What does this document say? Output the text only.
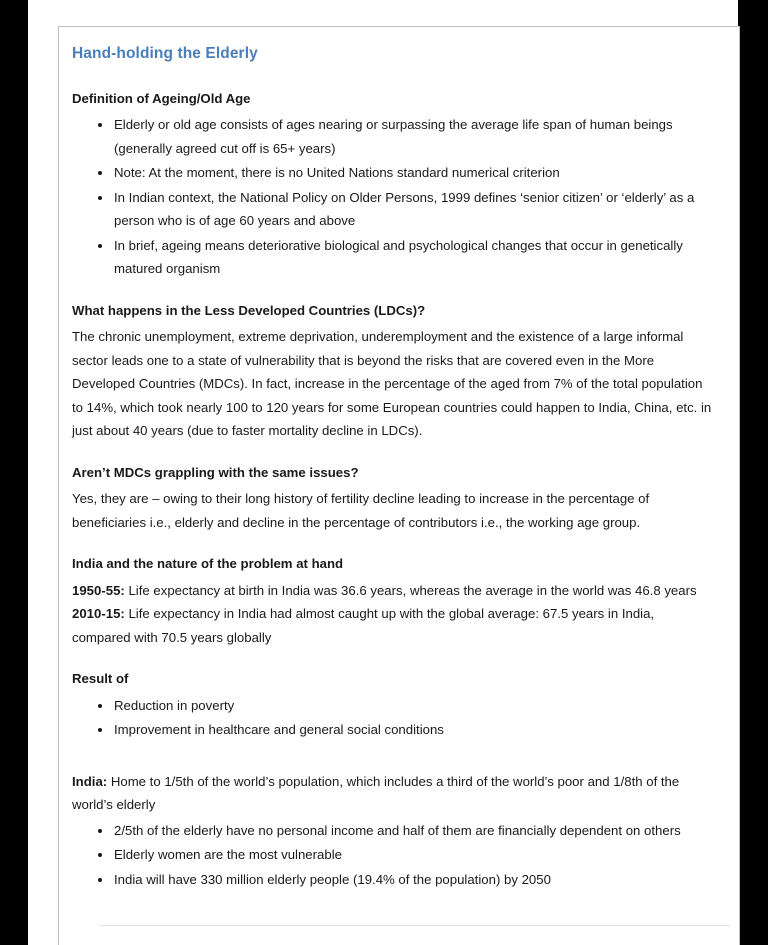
Hand-holding the Elderly
Definition of Ageing/Old Age
Elderly or old age consists of ages nearing or surpassing the average life span of human beings (generally agreed cut off is 65+ years)
Note: At the moment, there is no United Nations standard numerical criterion
In Indian context, the National Policy on Older Persons, 1999 defines ‘senior citizen’ or ‘elderly’ as a person who is of age 60 years and above
In brief, ageing means deteriorative biological and psychological changes that occur in genetically matured organism
What happens in the Less Developed Countries (LDCs)?

The chronic unemployment, extreme deprivation, underemployment and the existence of a large informal sector leads one to a state of vulnerability that is beyond the risks that are covered even in the More Developed Countries (MDCs). In fact, increase in the percentage of the aged from 7% of the total population to 14%, which took nearly 100 to 120 years for some European countries could happen to India, China, etc. in just about 40 years (due to faster mortality decline in LDCs).

Aren’t MDCs grappling with the same issues?

Yes, they are – owing to their long history of fertility decline leading to increase in the percentage of beneficiaries i.e., elderly and decline in the percentage of contributors i.e., the working age group.

India and the nature of the problem at hand

1950-55: Life expectancy at birth in India was 36.6 years, whereas the average in the world was 46.8 years

2010-15: Life expectancy in India had almost caught up with the global average: 67.5 years in India, compared with 70.5 years globally

Result of
Reduction in poverty
Improvement in healthcare and general social conditions

India: Home to 1/5th of the world’s population, which includes a third of the world’s poor and 1/8th of the world’s elderly

2/5th of the elderly have no personal income and half of them are financially dependent on others
Elderly women are the most vulnerable
India will have 330 million elderly people (19.4% of the population) by 2050
